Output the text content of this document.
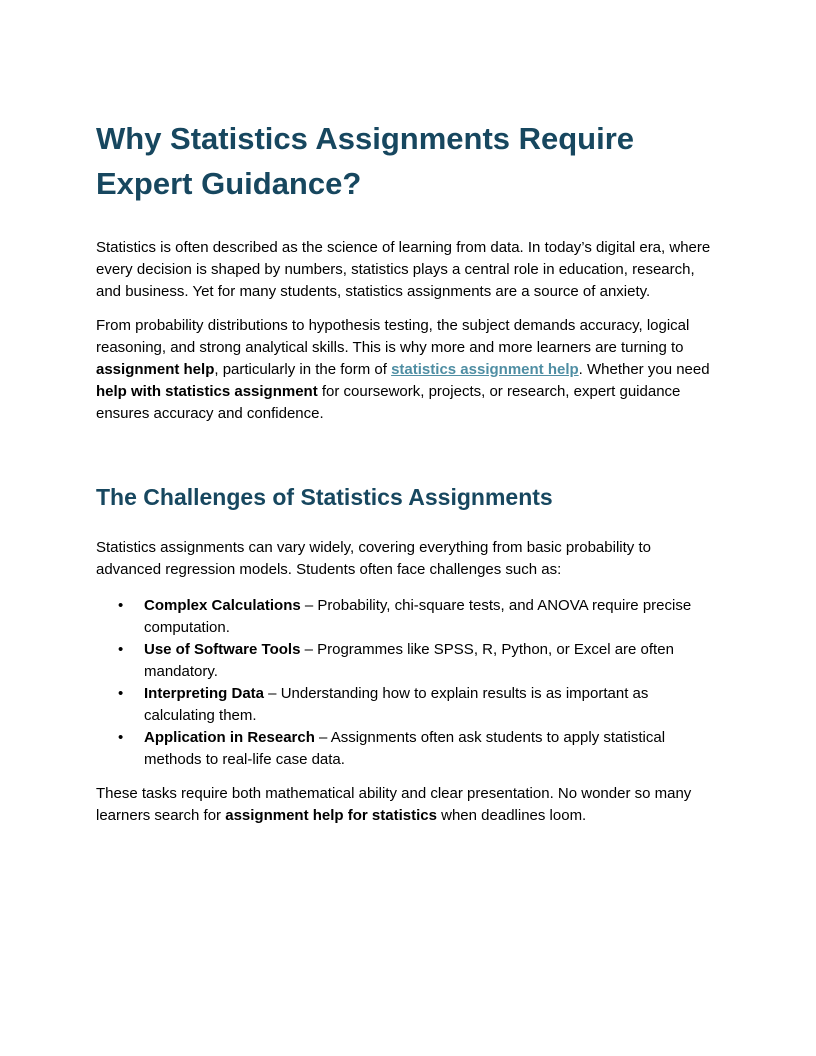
Why Statistics Assignments Require
Expert Guidance?

Statistics is often described as the science of learning from data. In today’s digital era, where every decision is shaped by numbers, statistics plays a central role in education, research, and business. Yet for many students, statistics assignments are a source of anxiety.

From probability distributions to hypothesis testing, the subject demands accuracy, logical reasoning, and strong analytical skills. This is why more and more learners are turning to assignment help, particularly in the form of statistics assignment help. Whether you need help with statistics assignment for coursework, projects, or research, expert guidance ensures accuracy and confidence.

The Challenges of Statistics Assignments

Statistics assignments can vary widely, covering everything from basic probability to advanced regression models. Students often face challenges such as:

• Complex Calculations – Probability, chi-square tests, and ANOVA require precise computation.
• Use of Software Tools – Programmes like SPSS, R, Python, or Excel are often mandatory.
• Interpreting Data – Understanding how to explain results is as important as calculating them.
• Application in Research – Assignments often ask students to apply statistical methods to real-life case data.

These tasks require both mathematical ability and clear presentation. No wonder so many learners search for assignment help for statistics when deadlines loom.
